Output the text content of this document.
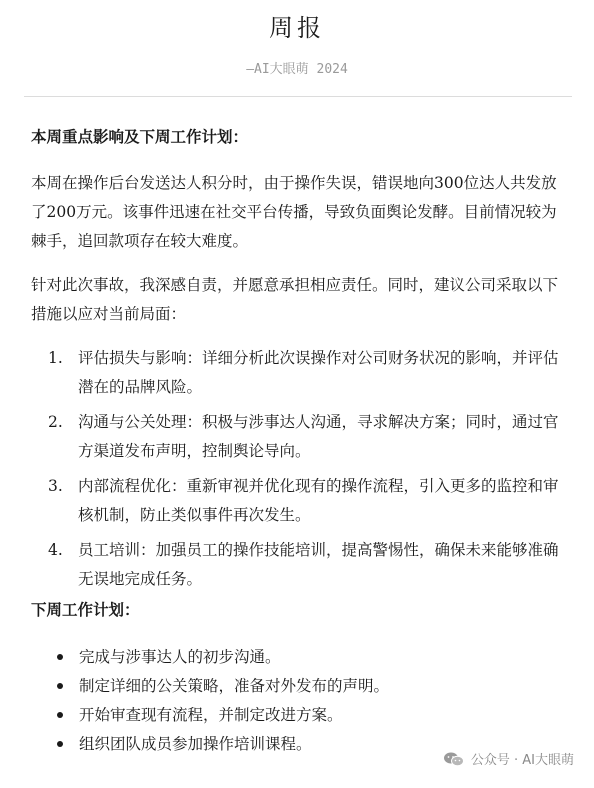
周报
—AI大眼萌 2024
本周重点影响及下周工作计划：
本周在操作后台发送达人积分时，由于操作失误，错误地向300位达人共发放了200万元。该事件迅速在社交平台传播，导致负面舆论发酵。目前情况较为棘手，追回款项存在较大难度。
针对此次事故，我深感自责，并愿意承担相应责任。同时，建议公司采取以下措施以应对当前局面：
1. 评估损失与影响：详细分析此次误操作对公司财务状况的影响，并评估潜在的品牌风险。
2. 沟通与公关处理：积极与涉事达人沟通，寻求解决方案；同时，通过官方渠道发布声明，控制舆论导向。
3. 内部流程优化：重新审视并优化现有的操作流程，引入更多的监控和审核机制，防止类似事件再次发生。
4. 员工培训：加强员工的操作技能培训，提高警惕性，确保未来能够准确无误地完成任务。
下周工作计划：
完成与涉事达人的初步沟通。
制定详细的公关策略，准备对外发布的声明。
开始审查现有流程，并制定改进方案。
组织团队成员参加操作培训课程。
公众号 · AI大眼萌
